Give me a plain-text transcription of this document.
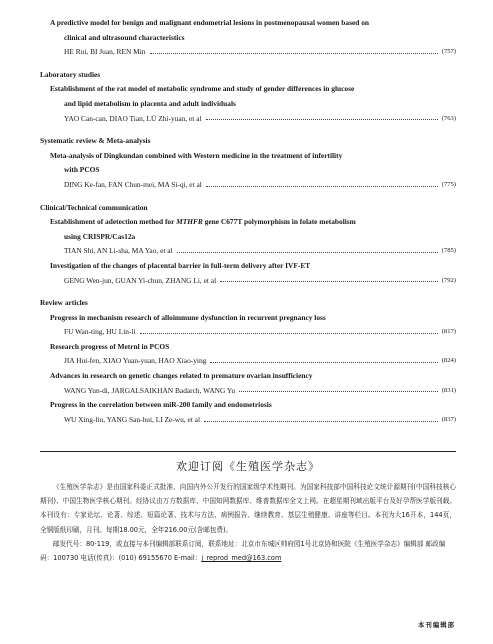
A predictive model for benign and malignant endometrial lesions in postmenopausal women based on
clinical and ultrasound characteristics
HE Rui, BI Juan, REN Min	(757)
Laboratory studies
Establishment of the rat model of metabolic syndrome and study of gender differences in glucose
and lipid metabolism in placenta and adult individuals
YAO Can-can, DIAO Tian, LÜ Zhi-yuan, et al	(763)
Systematic review & Meta-analysis
Meta-analysis of Dingkundan combined with Western medicine in the treatment of infertility
with PCOS
DING Ke-fan, FAN Chun-mei, MA Si-qi, et al	(775)
Clinical/Technical communication
Establishment of adetection method for MTHFR gene C677T polymorphism in folate metabolism
using CRISPR/Cas12a
TIAN Shi, AN Li-sha, MA Yao, et al	(785)
Investigation of the changes of placental barrier in full-term delivery after IVF-ET
GENG Wen-jun, GUAN Yi-chun, ZHANG Li, et al	(792)
Review articles
Progress in mechanism research of alloimmune dysfunction in recurrent pregnancy loss
FU Wan-ting, HU Lin-li	(817)
Research progress of Metrnl in PCOS
JIA Hui-fen, XIAO Yuan-yuan, HAO Xiao-ying	(824)
Advances in research on genetic changes related to premature ovarian insufficiency
WANG Yun-di, JARGALSAIKHAN Badarch, WANG Yu	(831)
Progress in the correlation between miR-200 family and endometriosis
WU Xing-liu, YANG San-hui, LI Ze-wu, et al	(837)
欢迎订阅《生殖医学杂志》
《生殖医学杂志》是由国家科委正式批准、向国内外公开发行的国家级学术性期刊。为国家科技部中国科技论文统计源期刊(中国科技核心期刊)、中国生物医学核心期刊。经协议由万方数据库、中国知网数据库、维普数据库全文上网。在超星期刊域出版平台及好孕帮医学版刊载。本刊设有：专家论坛、论著、综述、短篇论著、技术与方法、病例报告、继续教育、基层生殖健康、讲座等栏目。本刊为大16开本，144页，全铜版纸印刷，月刊。每期18.00元，全年216.00元(含邮包费)。
邮发代号：80-119，或直接与本刊编辑部联系订阅，联系地址：北京市东城区帅府园1号北京协和医院《生殖医学杂志》编辑部 邮政编码：100730 电话(传真)：(010) 69155670 E-mail：j_reprod_med@163.com
本刊编辑部
